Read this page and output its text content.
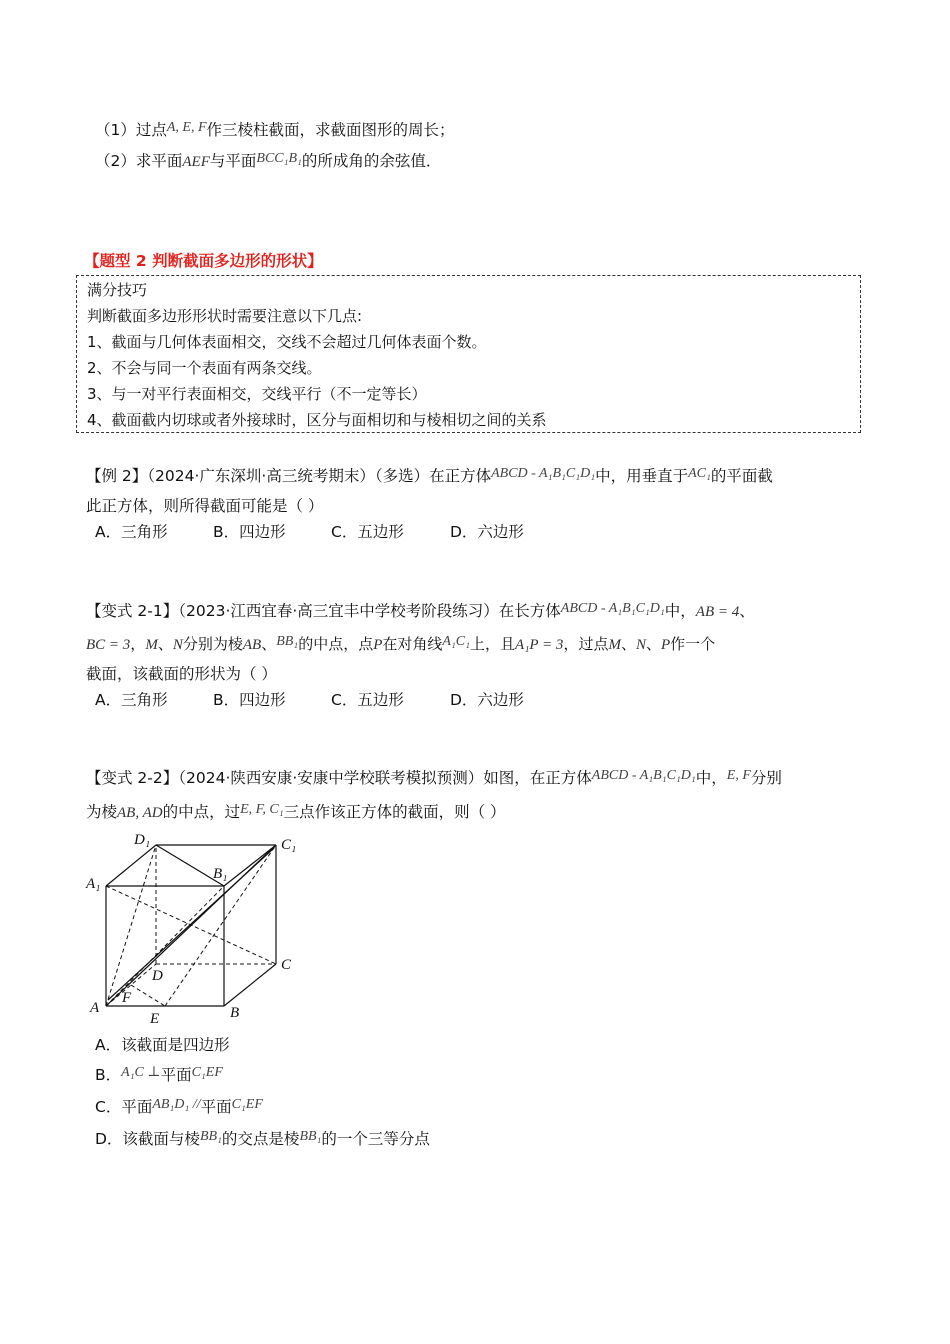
（1）过点A, E, F作三棱柱截面，求截面图形的周长；
（2）求平面AEF与平面BCC₁B₁的所成角的余弦值．
【题型 2 判断截面多边形的形状】
满分技巧
判断截面多边形形状时需要注意以下几点:
1、截面与几何体表面相交，交线不会超过几何体表面个数。
2、不会与同一个表面有两条交线。
3、与一对平行表面相交，交线平行（不一定等长）
4、截面截内切球或者外接球时，区分与面相切和与棱相切之间的关系
【例 2】（2024·广东深圳·高三统考期末）（多选）在正方体ABCD - A₁B₁C₁D₁中，用垂直于AC₁的平面截
此正方体，则所得截面可能是（ ）
A．三角形	B．四边形	C．五边形	D．六边形
【变式 2-1】（2023·江西宜春·高三宜丰中学校考阶段练习）在长方体ABCD - A₁B₁C₁D₁中，AB = 4、
BC = 3，M、N分别为棱AB、BB₁的中点，点P在对角线A₁C₁上，且A₁P = 3，过点M、N、P作一个
截面，该截面的形状为（ ）
A．三角形	B．四边形	C．五边形	D．六边形
【变式 2-2】（2024·陕西安康·安康中学校联考模拟预测）如图，在正方体ABCD - A₁B₁C₁D₁中，E, F分别
为棱AB, AD的中点，过E, F, C₁三点作该正方体的截面，则（ ）
D₁	C₁
A₁
B₁
D
C
A
F
E	B
A．该截面是四边形
B．A₁C ⊥平面C₁EF
C．平面AB₁D₁ //平面C₁EF
D．该截面与棱BB₁的交点是棱BB₁的一个三等分点
